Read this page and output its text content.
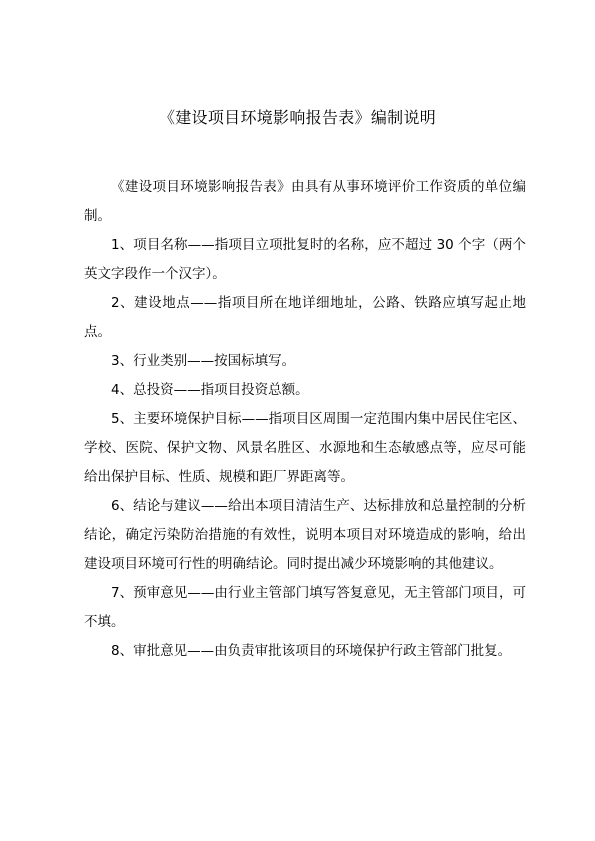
《建设项目环境影响报告表》编制说明

《建设项目环境影响报告表》由具有从事环境评价工作资质的单位编制。

1、项目名称——指项目立项批复时的名称，应不超过 30 个字（两个英文字段作一个汉字）。

2、建设地点——指项目所在地详细地址，公路、铁路应填写起止地点。

3、行业类别——按国标填写。

4、总投资——指项目投资总额。

5、主要环境保护目标——指项目区周围一定范围内集中居民住宅区、学校、医院、保护文物、风景名胜区、水源地和生态敏感点等，应尽可能给出保护目标、性质、规模和距厂界距离等。

6、结论与建议——给出本项目清洁生产、达标排放和总量控制的分析结论，确定污染防治措施的有效性，说明本项目对环境造成的影响，给出建设项目环境可行性的明确结论。同时提出减少环境影响的其他建议。

7、预审意见——由行业主管部门填写答复意见，无主管部门项目，可不填。

8、审批意见——由负责审批该项目的环境保护行政主管部门批复。
